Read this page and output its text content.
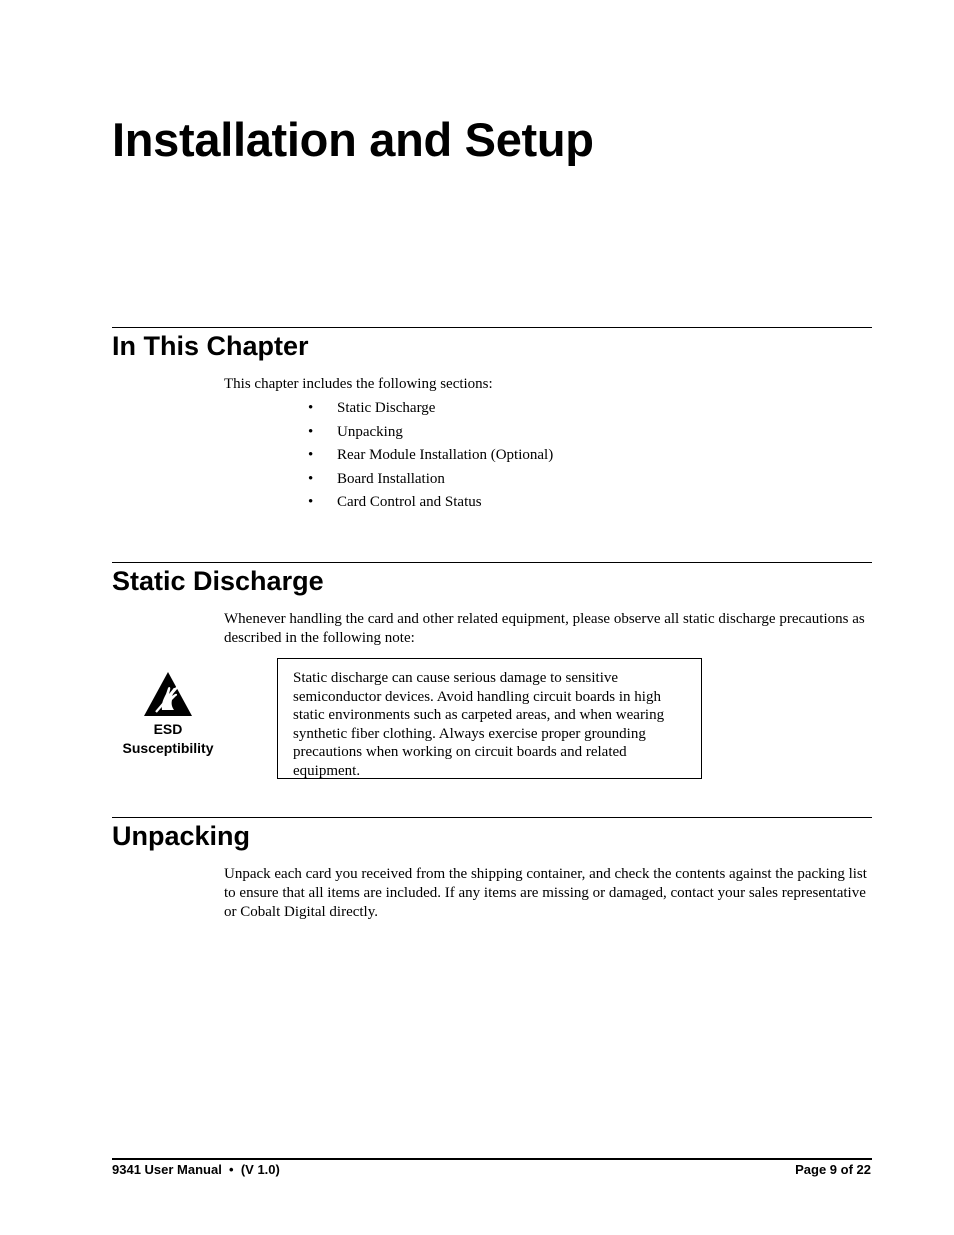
Installation and Setup
In This Chapter

This chapter includes the following sections:

• Static Discharge
• Unpacking
• Rear Module Installation (Optional)
• Board Installation
• Card Control and Status
Static Discharge

Whenever handling the card and other related equipment, please observe all static discharge precautions as described in the following note:

ESD
Susceptibility

Static discharge can cause serious damage to sensitive semiconductor devices. Avoid handling circuit boards in high static environments such as carpeted areas, and when wearing synthetic fiber clothing. Always exercise proper grounding precautions when working on circuit boards and related equipment.
Unpacking

Unpack each card you received from the shipping container, and check the contents against the packing list to ensure that all items are included. If any items are missing or damaged, contact your sales representative or Cobalt Digital directly.

9341 User Manual  •  (V 1.0)	Page 9 of 22
